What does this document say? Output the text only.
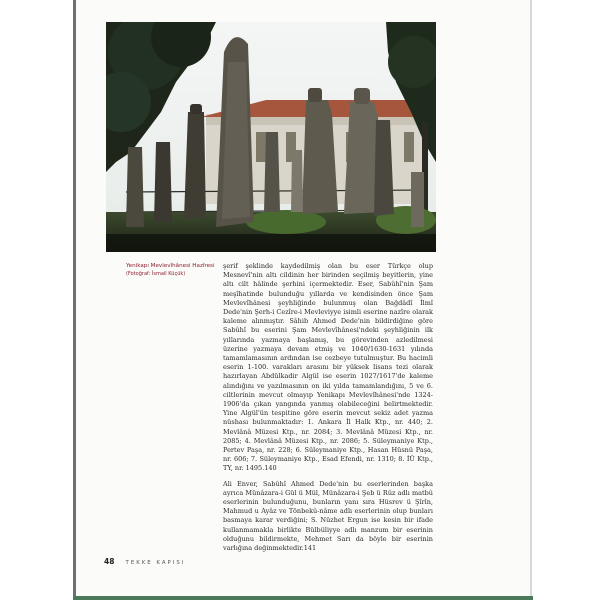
Yenikapı Mevlevîhânesi Hazîresi
(Fotoğraf: İsmail Küçük)

şerif şeklinde kaydedilmiş olan bu eser Türkçe olup Mesnevî'nin altı cildinin her birinden seçilmiş beyitlerin, yine altı cilt hâlinde şerhini içermektedir. Eser, Sabûhî'nin Şam meşîhatinde bulunduğu yıllarda ve kendisinden önce Şam Mevlevîhânesi şeyhliğinde bulunmuş olan Bağdâdî İlmî Dede'nin Şerh-i Cezîre-i Mevleviyye isimli eserine nazîre olarak kaleme alınmıştır. Sâhib Ahmed Dede'nin bildirdiğine göre Sabûhî bu eserini Şam Mevlevîhânesi'ndeki şeyhliğinin ilk yıllarında yazmaya başlamış, bu görevinden azledilmesi üzerine yazmaya devam etmiş ve 1040/1630-1631 yılında tamamlamasının ardından ise cezbeye tutulmuştur. Bu hacimli eserin 1-100. varakları arasını bir yüksek lisans tezi olarak hazırlayan Abdülkadir Algül ise eserin 1027/1617'de kaleme alındığını ve yazılmasının on iki yılda tamamlandığını, 5 ve 6. ciltlerinin mevcut olmayıp Yenikapı Mevlevîhânesi'nde 1324-1906'da çıkan yangında yanmış olabileceğini belirtmektedir. Yine Algül'ün tespitine göre eserin mevcut sekiz adet yazma nüshası bulunmaktadır: 1. Ankara İl Halk Ktp., nr. 440; 2. Mevlânâ Müzesi Ktp., nr. 2084; 3. Mevlânâ Müzesi Ktp., nr. 2085; 4. Mevlânâ Müzesi Ktp., nr. 2086; 5. Süleymaniye Ktp., Pertev Paşa, nr. 228; 6. Süleymaniye Ktp., Hasan Hüsnü Paşa, nr. 606; 7. Süleymaniye Ktp., Esad Efendi, nr. 1310; 8. İÜ Ktp., TY, nr. 1495.140

Ali Enver, Sabûhî Ahmed Dede'nin bu eserlerinden başka ayrıca Münâzara-i Gül ü Mül, Münâzara-i Şeb ü Rûz adlı matbû eserlerinin bulunduğunu, bunların yanı sıra Hüsrev ü Şîrîn, Mahmud u Ayâz ve Tönbekû-nâme adlı eserlerinin olup bunları basmaya karar verdiğini; S. Nüzhet Ergun ise kesin bir ifade kullanmamakla birlikte Bülbüliyye adlı manzum bir eserinin olduğunu bildirmekte, Mehmet Sarı da böyle bir eserinin varlığına değinmektedir.141

48 TEKKE KAPISI
